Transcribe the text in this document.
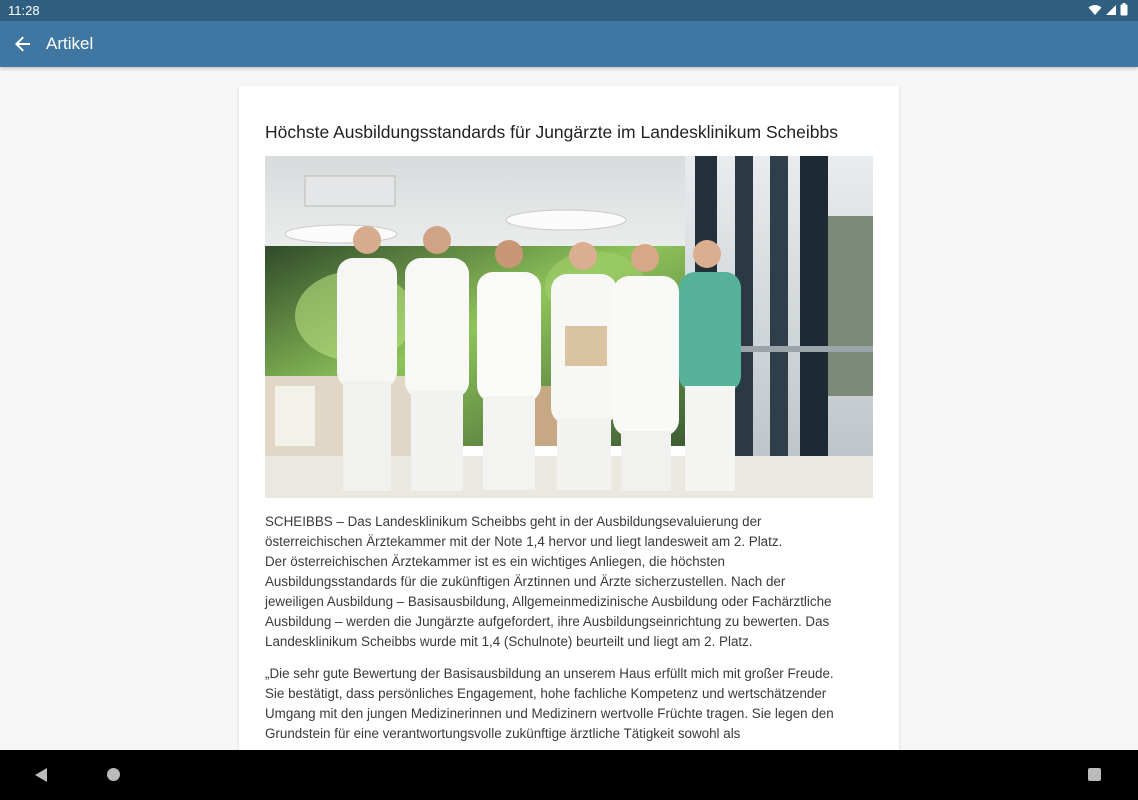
11:28
Artikel
Höchste Ausbildungsstandards für Jungärzte im Landesklinikum Scheibbs

SCHEIBBS – Das Landesklinikum Scheibbs geht in der Ausbildungsevaluierung der
österreichischen Ärztekammer mit der Note 1,4 hervor und liegt landesweit am 2. Platz.
Der österreichischen Ärztekammer ist es ein wichtiges Anliegen, die höchsten
Ausbildungsstandards für die zukünftigen Ärztinnen und Ärzte sicherzustellen. Nach der
jeweiligen Ausbildung – Basisausbildung, Allgemeinmedizinische Ausbildung oder Fachärztliche
Ausbildung – werden die Jungärzte aufgefordert, ihre Ausbildungseinrichtung zu bewerten. Das
Landesklinikum Scheibbs wurde mit 1,4 (Schulnote) beurteilt und liegt am 2. Platz.

„Die sehr gute Bewertung der Basisausbildung an unserem Haus erfüllt mich mit großer Freude.
Sie bestätigt, dass persönliches Engagement, hohe fachliche Kompetenz und wertschätzender
Umgang mit den jungen Medizinerinnen und Medizinern wertvolle Früchte tragen. Sie legen den
Grundstein für eine verantwortungsvolle zukünftige ärztliche Tätigkeit sowohl als
